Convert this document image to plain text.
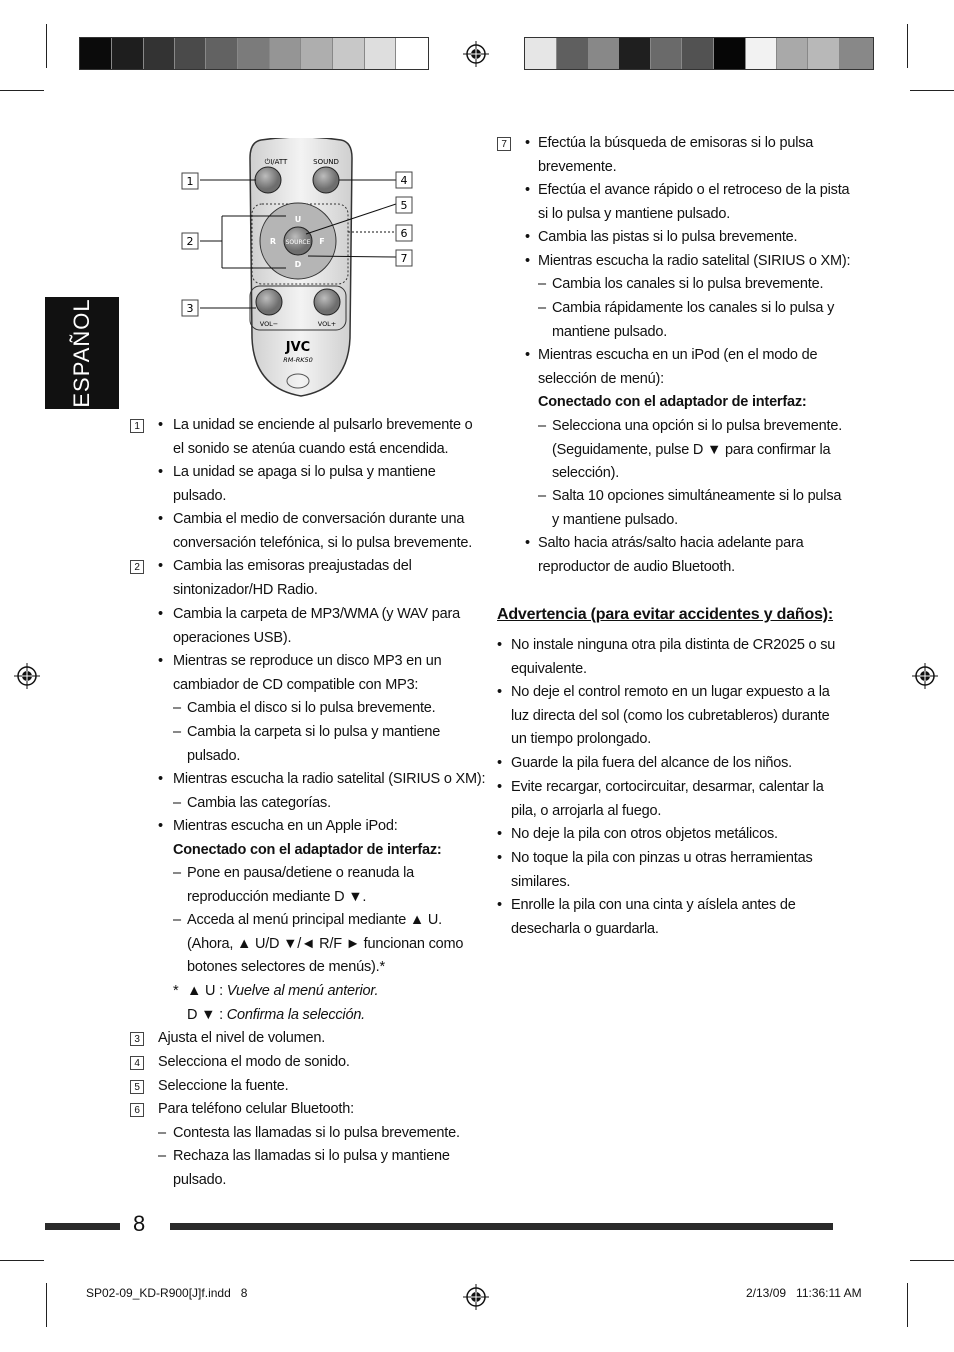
ESPAÑOL
⏻I/ATT	SOUND
SOURCE
U
D
R	F
VOL−	VOL+
JVC
RM-RK50
1
2
3
4
5
6
7
1 • La unidad se enciende al pulsarlo brevemente o
el sonido se atenúa cuando está encendida.
• La unidad se apaga si lo pulsa y mantiene
pulsado.
• Cambia el medio de conversación durante una
conversación telefónica, si lo pulsa brevemente.
2 • Cambia las emisoras preajustadas del
sintonizador/HD Radio.
• Cambia la carpeta de MP3/WMA (y WAV para
operaciones USB).
• Mientras se reproduce un disco MP3 en un
cambiador de CD compatible con MP3:
– Cambia el disco si lo pulsa brevemente.
– Cambia la carpeta si lo pulsa y mantiene
pulsado.
• Mientras escucha la radio satelital (SIRIUS o XM):
– Cambia las categorías.
• Mientras escucha en un Apple iPod:
Conectado con el adaptador de interfaz:
– Pone en pausa/detiene o reanuda la
reproducción mediante D ▼.
– Acceda al menú principal mediante ▲ U.
(Ahora, ▲ U/D ▼/◄ R/F ► funcionan como
botones selectores de menús).*
* ▲ U : Vuelve al menú anterior.
D ▼ : Confirma la selección.
3 Ajusta el nivel de volumen.
4 Selecciona el modo de sonido.
5 Seleccione la fuente.
6 Para teléfono celular Bluetooth:
– Contesta las llamadas si lo pulsa brevemente.
– Rechaza las llamadas si lo pulsa y mantiene
pulsado.
7 • Efectúa la búsqueda de emisoras si lo pulsa
brevemente.
• Efectúa el avance rápido o el retroceso de la pista
si lo pulsa y mantiene pulsado.
• Cambia las pistas si lo pulsa brevemente.
• Mientras escucha la radio satelital (SIRIUS o XM):
– Cambia los canales si lo pulsa brevemente.
– Cambia rápidamente los canales si lo pulsa y
mantiene pulsado.
• Mientras escucha en un iPod (en el modo de
selección de menú):
Conectado con el adaptador de interfaz:
– Selecciona una opción si lo pulsa brevemente.
(Seguidamente, pulse D ▼ para confirmar la
selección).
– Salta 10 opciones simultáneamente si lo pulsa
y mantiene pulsado.
• Salto hacia atrás/salto hacia adelante para
reproductor de audio Bluetooth.
Advertencia (para evitar accidentes y daños):
• No instale ninguna otra pila distinta de CR2025 o su
equivalente.
• No deje el control remoto en un lugar expuesto a la
luz directa del sol (como los cubretableros) durante
un tiempo prolongado.
• Guarde la pila fuera del alcance de los niños.
• Evite recargar, cortocircuitar, desarmar, calentar la
pila, o arrojarla al fuego.
• No deje la pila con otros objetos metálicos.
• No toque la pila con pinzas u otras herramientas
similares.
• Enrolle la pila con una cinta y aíslela antes de
desecharla o guardarla.
8
SP02-09_KD-R900[J]f.indd   8	2/13/09   11:36:11 AM
